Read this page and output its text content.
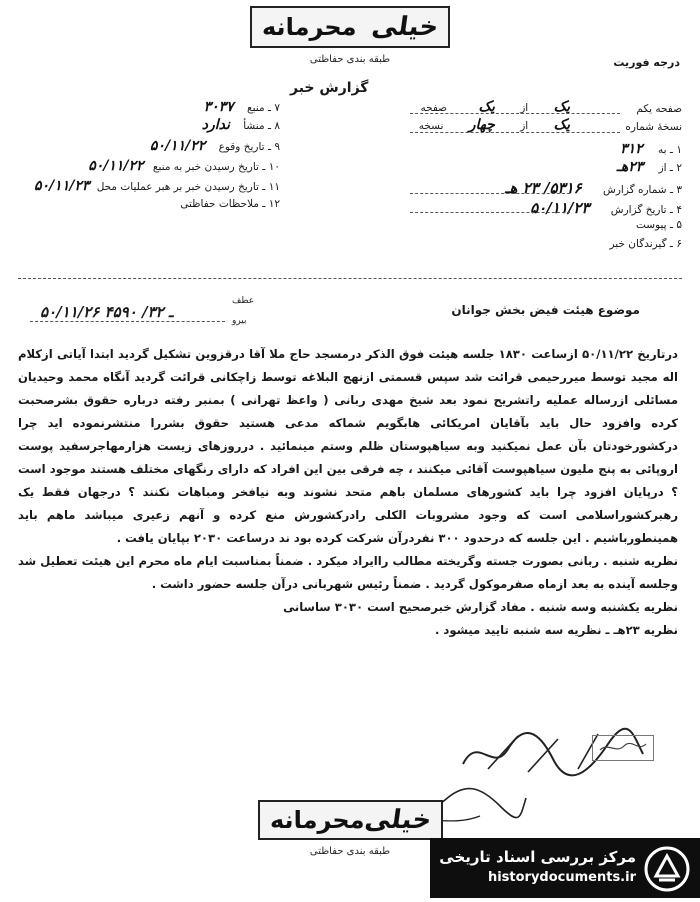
محرمانه خیلی
طبقه بندی حفاظتی	درجه فوریت
گزارش خبر
صفحه یکم
یک از یک صفحه
نسخهٔ شماره
یک از چهار نسخه
۱ ـ به ۳۱۲
۲ ـ از ۲۳هـ
۳ ـ شماره گزارش ۵۳۱۶/ ۲۳ هـ
۴ ـ تاریخ گزارش ۵۰/۱۱/۲۳
۵ ـ پیوست
۶ ـ گیرندگان خبر
۷ ـ منبع ۳۰۳۷
۸ ـ منشأ ندارد
۹ ـ تاریخ وقوع ۵۰/۱۱/۲۲
۱۰ ـ تاریخ رسیدن خبر به منبع ۵۰/۱۱/۲۲
۱۱ ـ تاریخ رسیدن خبر بر هبر عملیات محل ۵۰/۱۱/۲۳
۱۲ ـ ملاحظات حفاظتی
موضوع هیئت فیض بخش جوانان
عطف
بیرو
۵۰/۱۱/۲۶ ـ ۳۲/ ۴۵۹۰

درتاریخ ۵۰/۱۱/۲۲ ازساعت ۱۸۳۰ جلسه هیئت فوق الذکر درمسجد حاج ملا آقا درقزوین تشکیل گردید ابتدا آیاتی ازکلام اله مجید توسط میررحیمی قرائت شد سپس قسمتی ازنهج البلاغه توسط زاچکانی قرائت گردید آنگاه محمد وحیدیان مسائلی ازرساله عملیه راتشریح نمود بعد شیخ مهدی ربانی ( واعظ تهرانی ) بمنبر رفته درباره حقوق بشرصحبت کرده وافزود حال باید بآقایان امریکائی هابگویم شماکه مدعی هستید حقوق بشررا منتشرنموده اید چرا درکشورخودتان بآن عمل نمیکنید وبه سیاهپوستان ظلم وستم مینمائید . درروزهای زیست هزارمهاجرسفید پوست اروپائی به پنج ملیون سیاهپوست آقائی میکنند ، چه فرقی بین این افراد که دارای رنگهای مختلف هستند موجود است ؟ درپایان افزود چرا باید کشورهای مسلمان باهم متحد نشوند وبه نیافخر ومباهات نکنند ؟ درجهان فقط یک رهبرکشوراسلامی است که وجود مشروبات الکلی رادرکشورش منع کرده و آنهم زعیری میباشد ماهم باید همینطورباشیم . این جلسه که درحدود ۳۰۰ نفردرآن شرکت کرده بود ند درساعت ۲۰۳۰ بپایان یافت .

نظریه شنبه . ربانی بصورت جسته وگریخته مطالب راایراد میکرد . ضمناً بمناسبت ایام ماه محرم این هیئت تعطیل شد وجلسه آینده به بعد ازماه صفرموکول گردید . ضمناً رئیس شهربانی درآن جلسه حضور داشت .

نظریه یکشنبه وسه شنبه . مفاد گزارش خبرصحیح است ۳۰۳۰ ساسانی

نظریه ۲۳هـ ـ نظریه سه شنبه تایید میشود .

محرمانه
خیلی
طبقه بندی حفاظتی	مرکز بررسی اسناد تاریخی
historydocuments.ir
